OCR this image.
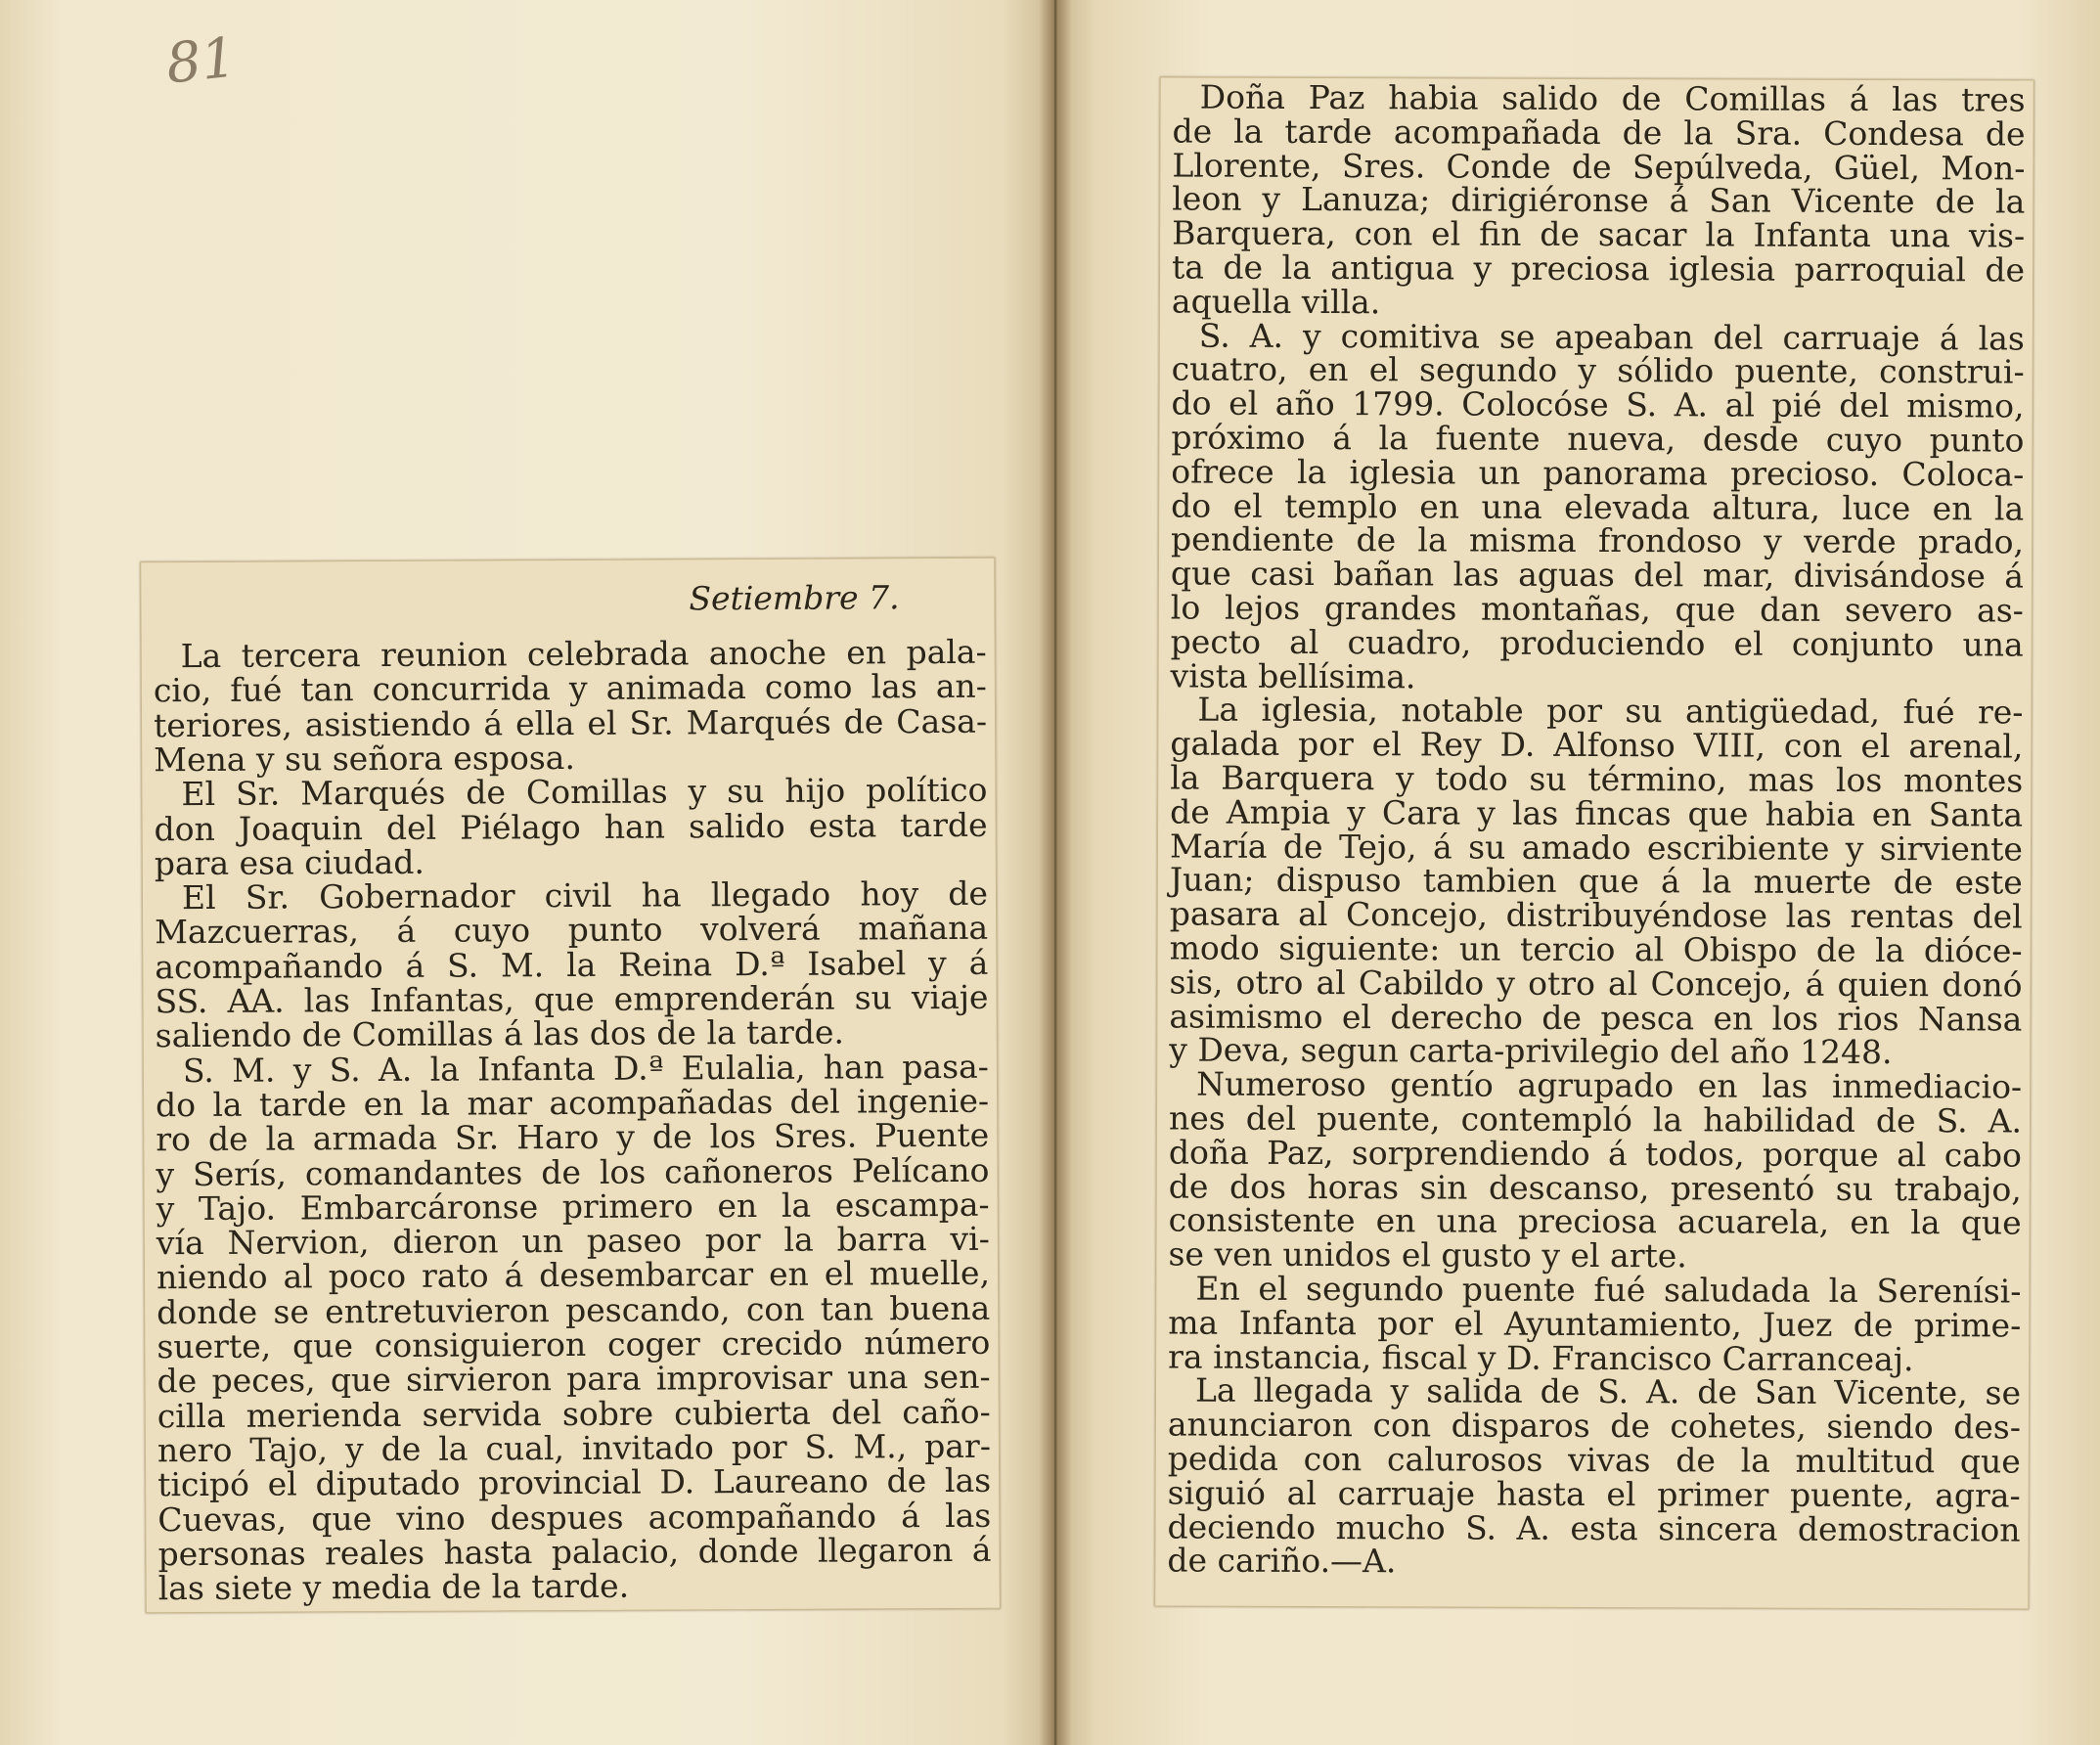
81
Setiembre 7.
La tercera reunion celebrada anoche en pala-
cio, fué tan concurrida y animada como las an-
teriores, asistiendo á ella el Sr. Marqués de Casa-
Mena y su señora esposa.
El Sr. Marqués de Comillas y su hijo político
don Joaquin del Piélago han salido esta tarde
para esa ciudad.
El Sr. Gobernador civil ha llegado hoy de
Mazcuerras, á cuyo punto volverá mañana
acompañando á S. M. la Reina D.ª Isabel y á
SS. AA. las Infantas, que emprenderán su viaje
saliendo de Comillas á las dos de la tarde.
S. M. y S. A. la Infanta D.ª Eulalia, han pasa-
do la tarde en la mar acompañadas del ingenie-
ro de la armada Sr. Haro y de los Sres. Puente
y Serís, comandantes de los cañoneros Pelícano
y Tajo. Embarcáronse primero en la escampa-
vía Nervion, dieron un paseo por la barra vi-
niendo al poco rato á desembarcar en el muelle,
donde se entretuvieron pescando, con tan buena
suerte, que consiguieron coger crecido número
de peces, que sirvieron para improvisar una sen-
cilla merienda servida sobre cubierta del caño-
nero Tajo, y de la cual, invitado por S. M., par-
ticipó el diputado provincial D. Laureano de las
Cuevas, que vino despues acompañando á las
personas reales hasta palacio, donde llegaron á
las siete y media de la tarde.
Doña Paz habia salido de Comillas á las tres
de la tarde acompañada de la Sra. Condesa de
Llorente, Sres. Conde de Sepúlveda, Güel, Mon-
leon y Lanuza; dirigiéronse á San Vicente de la
Barquera, con el fin de sacar la Infanta una vis-
ta de la antigua y preciosa iglesia parroquial de
aquella villa.
S. A. y comitiva se apeaban del carruaje á las
cuatro, en el segundo y sólido puente, construi-
do el año 1799. Colocóse S. A. al pié del mismo,
próximo á la fuente nueva, desde cuyo punto
ofrece la iglesia un panorama precioso. Coloca-
do el templo en una elevada altura, luce en la
pendiente de la misma frondoso y verde prado,
que casi bañan las aguas del mar, divisándose á
lo lejos grandes montañas, que dan severo as-
pecto al cuadro, produciendo el conjunto una
vista bellísima.
La iglesia, notable por su antigüedad, fué re-
galada por el Rey D. Alfonso VIII, con el arenal,
la Barquera y todo su término, mas los montes
de Ampia y Cara y las fincas que habia en Santa
María de Tejo, á su amado escribiente y sirviente
Juan; dispuso tambien que á la muerte de este
pasara al Concejo, distribuyéndose las rentas del
modo siguiente: un tercio al Obispo de la dióce-
sis, otro al Cabildo y otro al Concejo, á quien donó
asimismo el derecho de pesca en los rios Nansa
y Deva, segun carta-privilegio del año 1248.
Numeroso gentío agrupado en las inmediacio-
nes del puente, contempló la habilidad de S. A.
doña Paz, sorprendiendo á todos, porque al cabo
de dos horas sin descanso, presentó su trabajo,
consistente en una preciosa acuarela, en la que
se ven unidos el gusto y el arte.
En el segundo puente fué saludada la Serenísi-
ma Infanta por el Ayuntamiento, Juez de prime-
ra instancia, fiscal y D. Francisco Carranceaj.
La llegada y salida de S. A. de San Vicente, se
anunciaron con disparos de cohetes, siendo des-
pedida con calurosos vivas de la multitud que
siguió al carruaje hasta el primer puente, agra-
deciendo mucho S. A. esta sincera demostracion
de cariño.—A.
